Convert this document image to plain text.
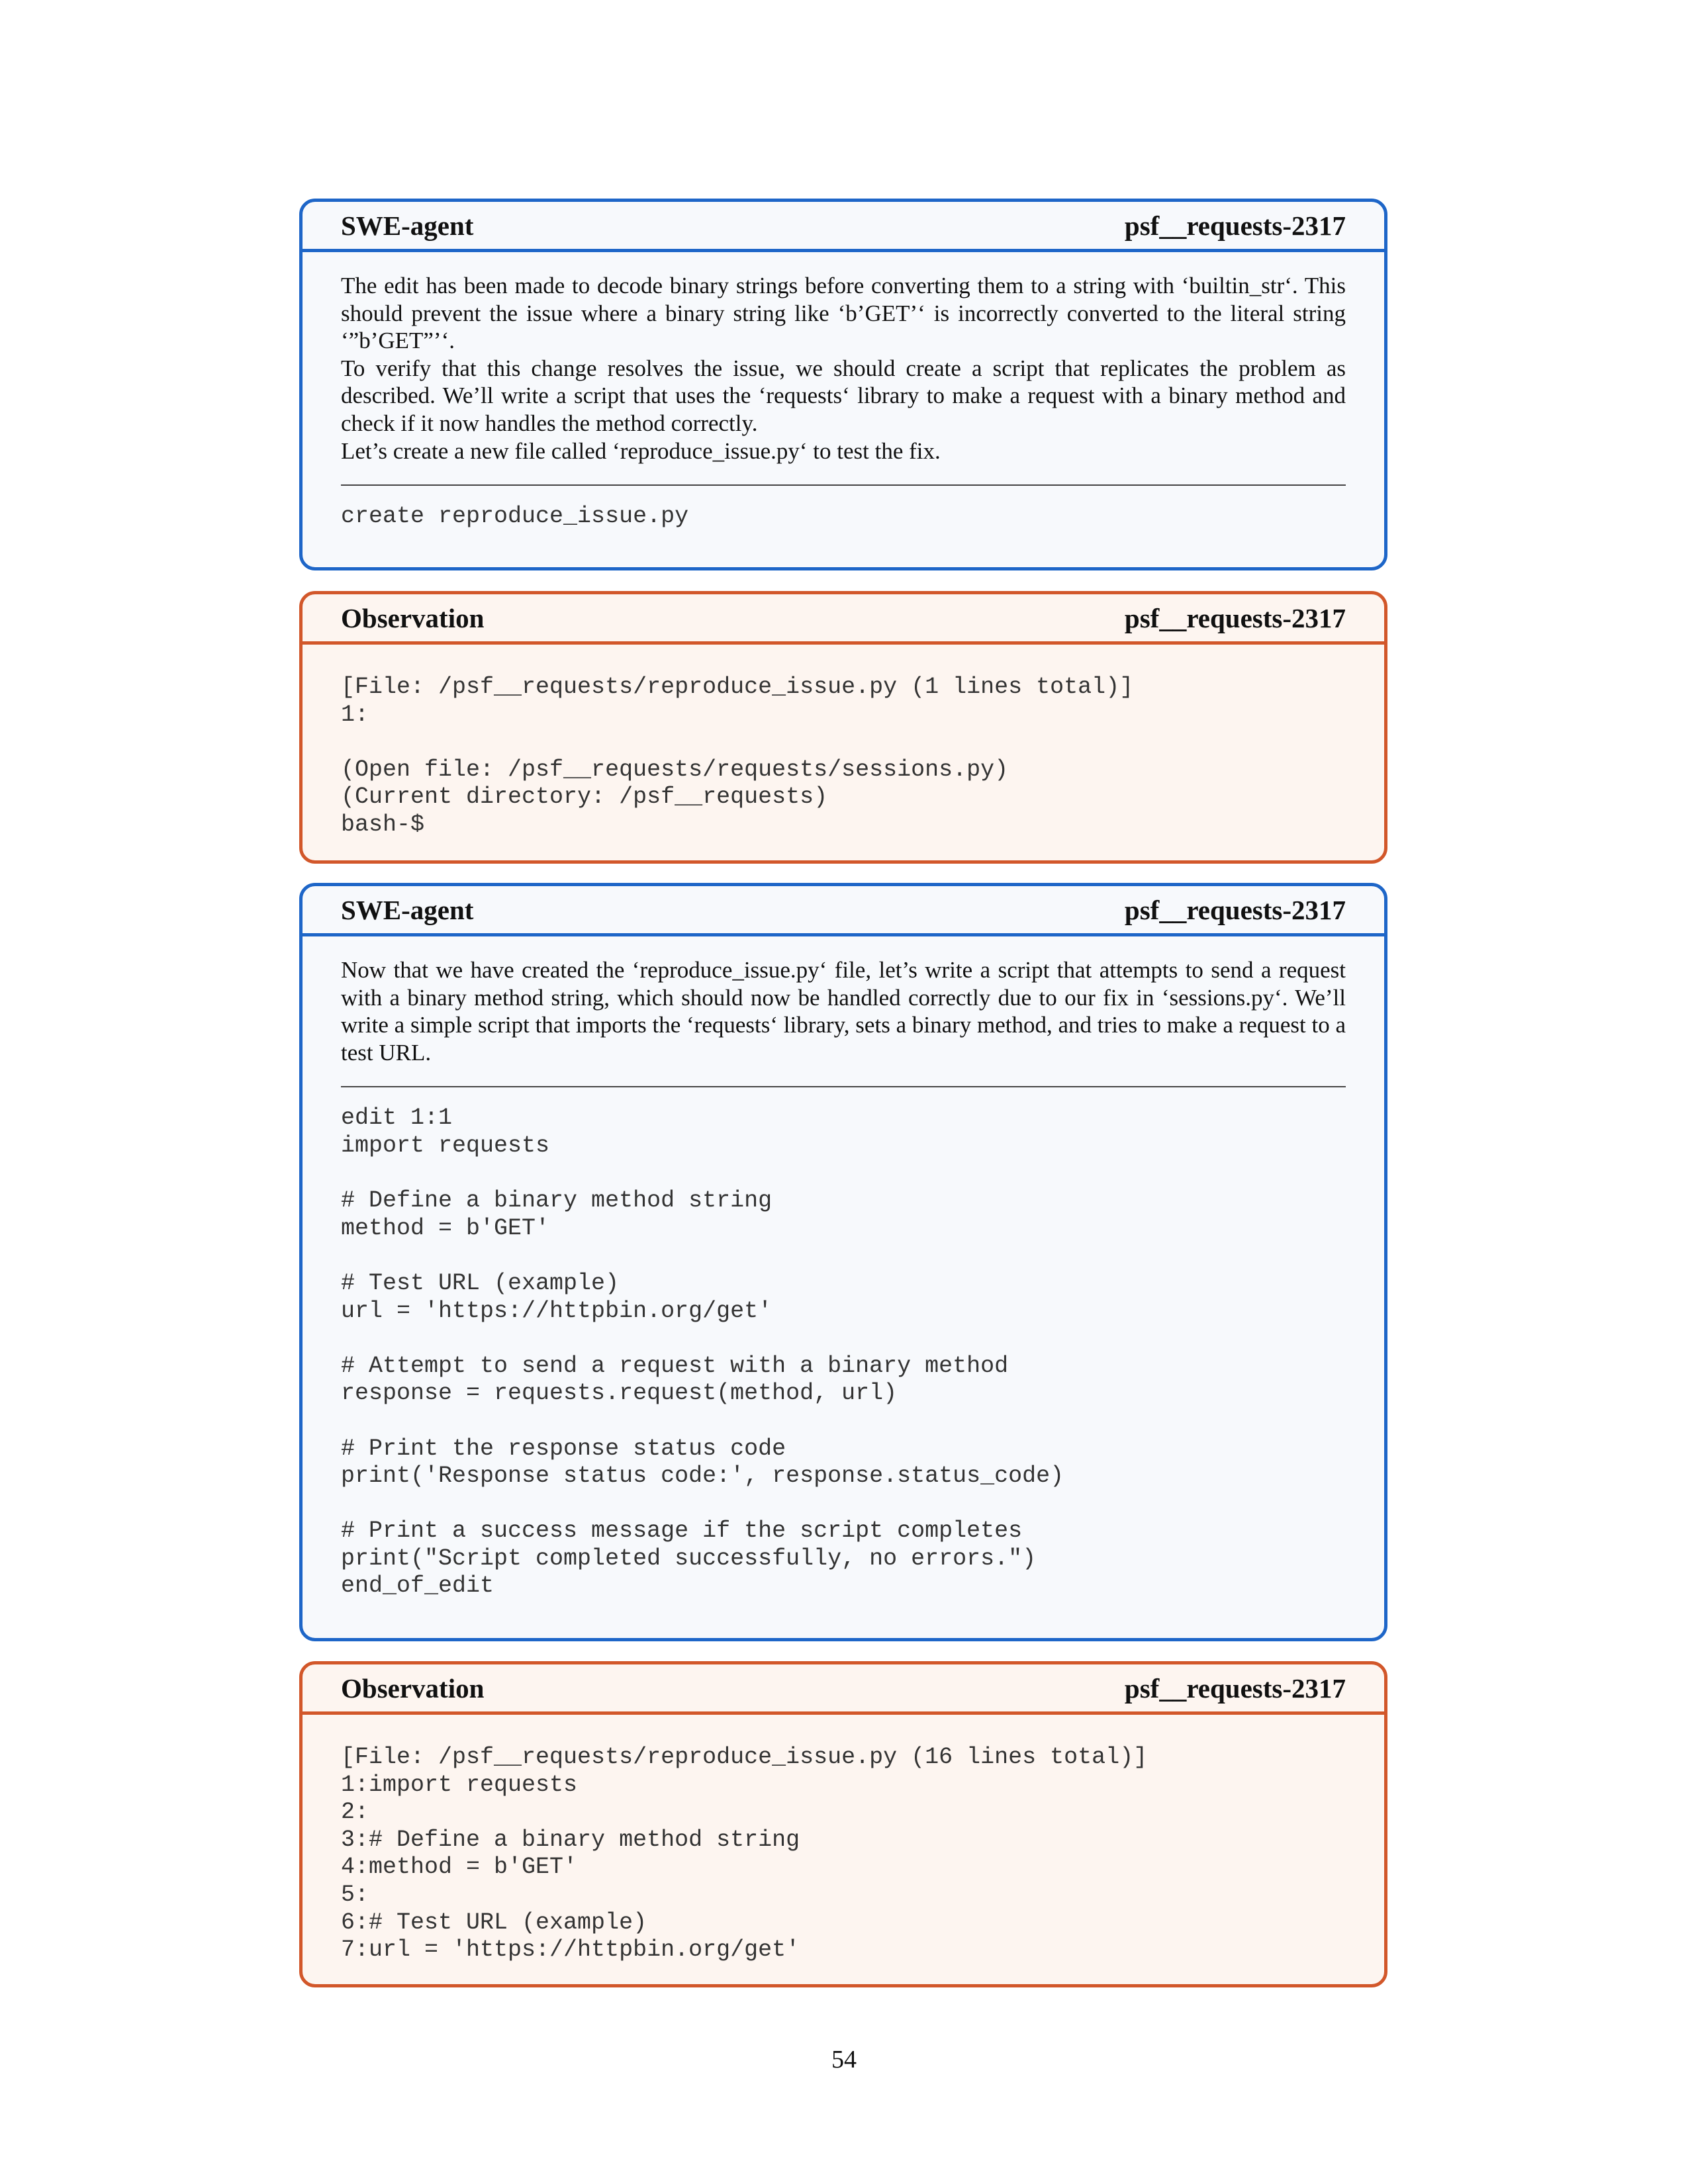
SWE-agent	psf__requests-2317

The edit has been made to decode binary strings before converting them to a string with ‘builtin_str‘. This should prevent the issue where a binary string like ‘b’GET’‘ is incorrectly converted to the literal string ‘”b’GET”’‘.

To verify that this change resolves the issue, we should create a script that replicates the problem as described. We’ll write a script that uses the ‘requests‘ library to make a request with a binary method and check if it now handles the method correctly.

Let’s create a new file called ‘reproduce_issue.py‘ to test the fix.

create reproduce_issue.py
Observation	psf__requests-2317
[File: /psf__requests/reproduce_issue.py (1 lines total)]
1:

(Open file: /psf__requests/requests/sessions.py)
(Current directory: /psf__requests)
bash-$
SWE-agent	psf__requests-2317

Now that we have created the ‘reproduce_issue.py‘ file, let’s write a script that attempts to send a request with a binary method string, which should now be handled correctly due to our fix in ‘sessions.py‘. We’ll write a simple script that imports the ‘requests‘ library, sets a binary method, and tries to make a request to a test URL.

edit 1:1
import requests

# Define a binary method string
method = b'GET'

# Test URL (example)
url = 'https://httpbin.org/get'

# Attempt to send a request with a binary method
response = requests.request(method, url)

# Print the response status code
print('Response status code:', response.status_code)

# Print a success message if the script completes
print("Script completed successfully, no errors.")
end_of_edit
Observation	psf__requests-2317
[File: /psf__requests/reproduce_issue.py (16 lines total)]
1:import requests
2:
3:# Define a binary method string
4:method = b'GET'
5:
6:# Test URL (example)
7:url = 'https://httpbin.org/get'
54
